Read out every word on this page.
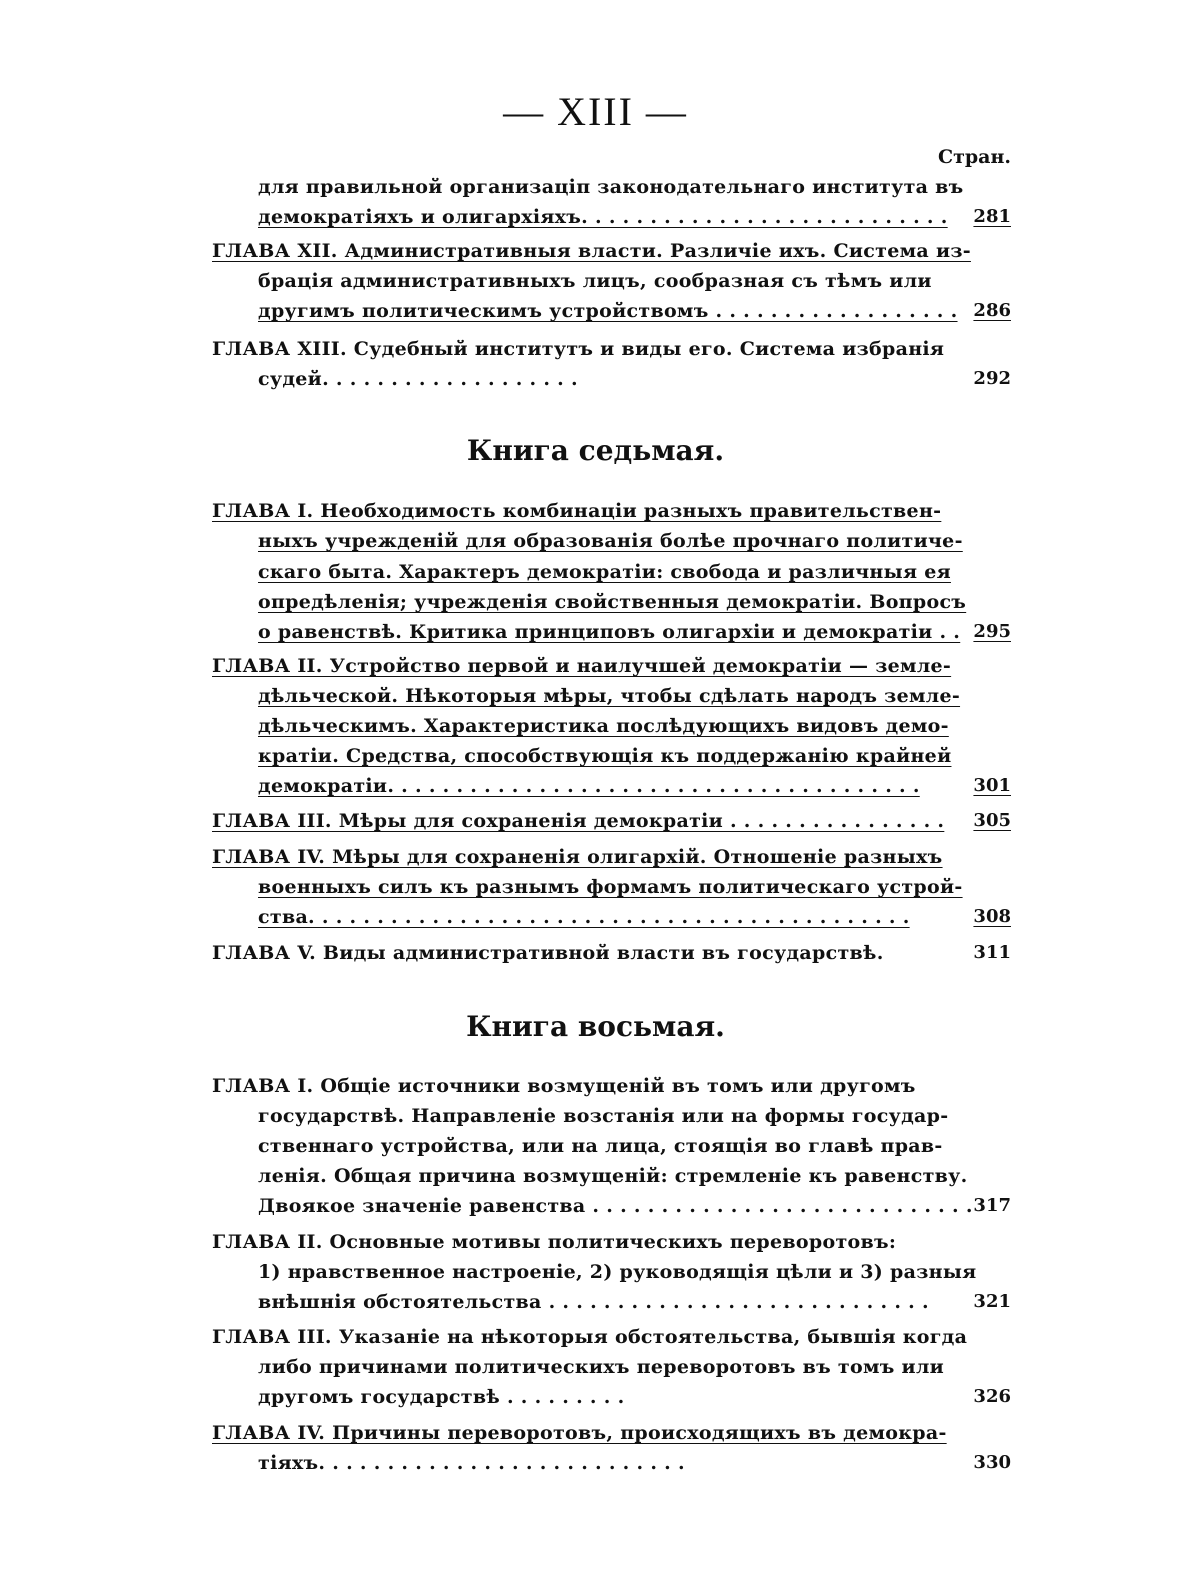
— XIII —
Стран.
для правильной организаціп законодательнаго института въ
демократіяхъ и олигархіяхъ. . . . . . . . . . . . . . . . . . . . . . . . . . .	281
ГЛАВА XII. Административныя власти. Различіе ихъ. Система из-
брація административныхъ лицъ, сообразная съ тѣмъ или
другимъ политическимъ устройствомъ . . . . . . . . . . . . . . . . . . 286
ГЛАВА XIII. Судебный институтъ и виды его. Система избранія
судей. . . . . . . . . . . . . . . . . . .	292
Книга седьмая.
ГЛАВА I. Необходимость комбинаціи разныхъ правительствен-
ныхъ учрежденій для образованія болѣе прочнаго политиче-
скаго быта. Характеръ демократіи: свобода и различныя ея
опредѣленія; учрежденія свойственныя демократіи. Вопросъ
о равенствѣ. Критика принциповъ олигархіи и демократіи . . 295
ГЛАВА II. Устройство первой и наилучшей демократіи — земле-
дѣльческой. Нѣкоторыя мѣры, чтобы сдѣлать народъ земле-
дѣльческимъ. Характеристика послѣдующихъ видовъ демо-
кратіи. Средства, способствующія къ поддержанію крайней
демократіи. . . . . . . . . . . . . . . . . . . . . . . . . . . . . . . . . . . . . . .	301
ГЛАВА III. Мѣры для сохраненія демократіи . . . . . . . . . . . . . . . .	305
ГЛАВА IV. Мѣры для сохраненія олигархій. Отношеніе разныхъ
военныхъ силъ къ разнымъ формамъ политическаго устрой-
ства. . . . . . . . . . . . . . . . . . . . . . . . . . . . . . . . . . . . . . . . . . . .	308
ГЛАВА V. Виды административной власти въ государствѣ.	311
Книга восьмая.
ГЛАВА I. Общіе источники возмущеній въ томъ или другомъ
государствѣ. Направленіе возстанія или на формы государ-
ственнаго устройства, или на лица, стоящія во главѣ прав-
ленія. Общая причина возмущеній: стремленіе къ равенству.
Двоякое значеніе равенства . . . . . . . . . . . . . . . . . . . . . . . . . . . . 317
ГЛАВА II. Основные мотивы политическихъ переворотовъ:
1) нравственное настроеніе, 2) руководящія цѣли и 3) разныя
внѣшнія обстоятельства . . . . . . . . . . . . . . . . . . . . . . . . . . . .	321
ГЛАВА III. Указаніе на нѣкоторыя обстоятельства, бывшія когда
либо причинами политическихъ переворотовъ въ томъ или
другомъ государствѣ . . . . . . . . .	326
ГЛАВА IV. Причины переворотовъ, происходящихъ въ демокра-
тіяхъ. . . . . . . . . . . . . . . . . . . . . . . . . . .	330
